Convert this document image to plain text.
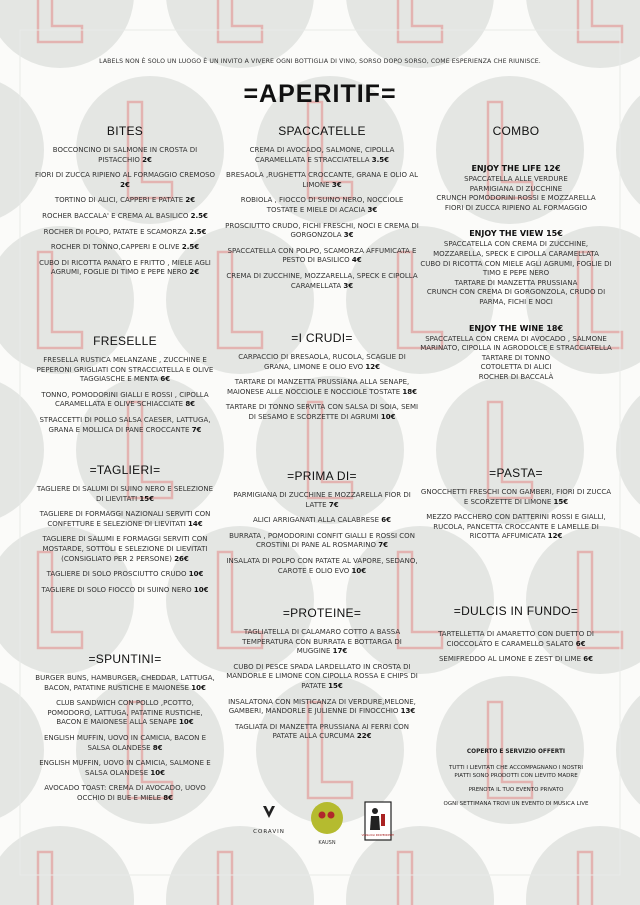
LABELS NON È SOLO UN LUOGO È UN INVITO A VIVERE OGNI BOTTIGLIA DI VINO, SORSO DOPO SORSO, COME ESPERIENZA CHE RIUNISCE.
=APERITIF=
BITES
BOCCONCINO DI SALMONE IN CROSTA DI PISTACCHIO 2€
FIORI DI ZUCCA RIPIENO AL FORMAGGIO CREMOSO 2€
TORTINO DI ALICI, CAPPERI E PATATE 2€
ROCHER BACCALA' E CREMA AL BASILICO 2.5€
ROCHER DI POLPO, PATATE E SCAMORZA 2.5€
ROCHER DI TONNO,CAPPERI E OLIVE 2.5€
CUBO DI RICOTTA PANATO E FRITTO , MIELE AGLI AGRUMI, FOGLIE DI TIMO E PEPE NERO 2€
FRESELLE
FRESELLA RUSTICA MELANZANE , ZUCCHINE E PEPERONI GRIGLIATI CON STRACCIATELLA E OLIVE TAGGIASCHE E MENTA 6€
TONNO, POMODORINI GIALLI E ROSSI , CIPOLLA CARAMELLATA E OLIVE SCHIACCIATE 8€
STRACCETTI DI POLLO SALSA CAESER, LATTUGA, GRANA E MOLLICA DI PANE CROCCANTE 7€
=TAGLIERI=
TAGLIERE DI SALUMI DI SUINO NERO E SELEZIONE DI LIEVITATI 15€
TAGLIERE DI FORMAGGI NAZIONALI SERVITI CON CONFETTURE E SELEZIONE DI LIEVITATI 14€
TAGLIERE DI SALUMI E FORMAGGI SERVITI CON MOSTARDE, SOTTOLI E SELEZIONE DI LIEVITATI (CONSIGLIATO PER 2 PERSONE) 26€
TAGLIERE DI SOLO PROSCIUTTO CRUDO 10€
TAGLIERE DI SOLO FIOCCO DI SUINO NERO 10€
=SPUNTINI=
BURGER BUNS, HAMBURGER, CHEDDAR, LATTUGA, BACON, PATATINE RUSTICHE E MAIONESE 10€
CLUB SANDWICH CON POLLO ,PCOTTO, POMODORO, LATTUGA, PATATINE RUSTICHE, BACON E MAIONESE ALLA SENAPE 10€
ENGLISH MUFFIN, UOVO IN CAMICIA, BACON E SALSA OLANDESE 8€
ENGLISH MUFFIN, UOVO IN CAMICIA, SALMONE E SALSA OLANDESE 10€
AVOCADO TOAST: CREMA DI AVOCADO, UOVO OCCHIO DI BUE E MIELE 8€
SPACCATELLE
CREMA DI AVOCADO, SALMONE, CIPOLLA CARAMELLATA E STRACCIATELLA 3.5€
BRESAOLA ,RUGHETTA CROCCANTE, GRANA E OLIO AL LIMONE 3€
ROBIOLA , FIOCCO DI SUINO NERO, NOCCIOLE TOSTATE E MIELE DI ACACIA 3€
PROSCIUTTO CRUDO, FICHI FRESCHI, NOCI E CREMA DI GORGONZOLA 3€
SPACCATELLA CON POLPO, SCAMORZA AFFUMICATA E PESTO DI BASILICO 4€
CREMA DI ZUCCHINE, MOZZARELLA, SPECK E CIPOLLA CARAMELLATA 3€
=I CRUDI=
CARPACCIO DI BRESAOLA, RUCOLA, SCAGLIE DI GRANA, LIMONE E OLIO EVO 12€
TARTARE DI MANZETTA PRUSSIANA ALLA SENAPE, MAIONESE ALLE NOCCIOLE E NOCCIOLE TOSTATE 18€
TARTARE DI TONNO SERVITA CON SALSA DI SOIA, SEMI DI SESAMO E SCORZETTE DI AGRUMI 10€
=PRIMA DI=
PARMIGIANA DI ZUCCHINE E MOZZARELLA FIOR DI LATTE 7€
ALICI ARRIGANATI ALLA CALABRESE 6€
BURRATA , POMODORINI CONFIT GIALLI E ROSSI CON CROSTINI DI PANE AL ROSMARINO 7€
INSALATA DI POLPO CON PATATE AL VAPORE, SEDANO, CAROTE E OLIO EVO 10€
=PROTEINE=
TAGLIATELLA DI CALAMARO COTTO A BASSA TEMPERATURA CON BURRATA E BOTTARGA DI MUGGINE 17€
CUBO DI PESCE SPADA LARDELLATO IN CROSTA DI MANDORLE E LIMONE CON CIPOLLA ROSSA E CHIPS DI PATATE 15€
INSALATONA CON MISTICANZA DI VERDURE,MELONE, GAMBERI, MANDORLE E JULIENNE DI FINOCCHIO 13€
TAGLIATA DI MANZETTA PRUSSIANA AI FERRI CON PATATE ALLA CURCUMA 22€
COMBO
ENJOY THE LIFE 12€
SPACCATELLA ALLE VERDURE
PARMIGIANA DI ZUCCHINE
CRUNCH POMODORINI ROSSI E MOZZARELLA
FIORI DI ZUCCA RIPIENO AL FORMAGGIO
ENJOY THE VIEW 15€
SPACCATELLA CON CREMA DI ZUCCHINE, MOZZARELLA, SPECK E CIPOLLA CARAMELLATA
CUBO DI RICOTTA CON MIELE AGLI AGRUMI, FOGLIE DI TIMO E PEPE NERO
TARTARE DI MANZETTA PRUSSIANA
CRUNCH CON CREMA DI GORGONZOLA, CRUDO DI PARMA, FICHI E NOCI
ENJOY THE WINE 18€
SPACCATELLA CON CREMA DI AVOCADO , SALMONE MARINATO, CIPOLLA IN AGRODOLCE E STRACCIATELLA
TARTARE DI TONNO
COTOLETTA DI ALICI
ROCHER DI BACCALÀ
=PASTA=
GNOCCHETTI FRESCHI CON GAMBERI, FIORI DI ZUCCA E SCORZETTE DI LIMONE 15€
MEZZO PACCHERO CON DATTERINI ROSSI E GIALLI, RUCOLA, PANCETTA CROCCANTE E LAMELLE DI RICOTTA AFFUMICATA 12€
=DULCIS IN FUNDO=
TARTELLETTA DI AMARETTO CON DUETTO DI CIOCCOLATO E CARAMELLO SALATO 6€
SEMIFREDDO AL LIMONE E ZEST DI LIME 6€
COPERTO E SERVIZIO OFFERTI
TUTTI I LIEVITATI CHE ACCOMPAGNANO I NOSTRI PIATTI SONO PRODOTTI CON LIEVITO MADRE
PRENOTA IL TUO EVENTO PRIVATO
OGNI SETTIMANA TROVI UN EVENTO DI MUSICA LIVE
CORAVIN
KAUSN
VIGNAIOLI INDIPENDENTI
